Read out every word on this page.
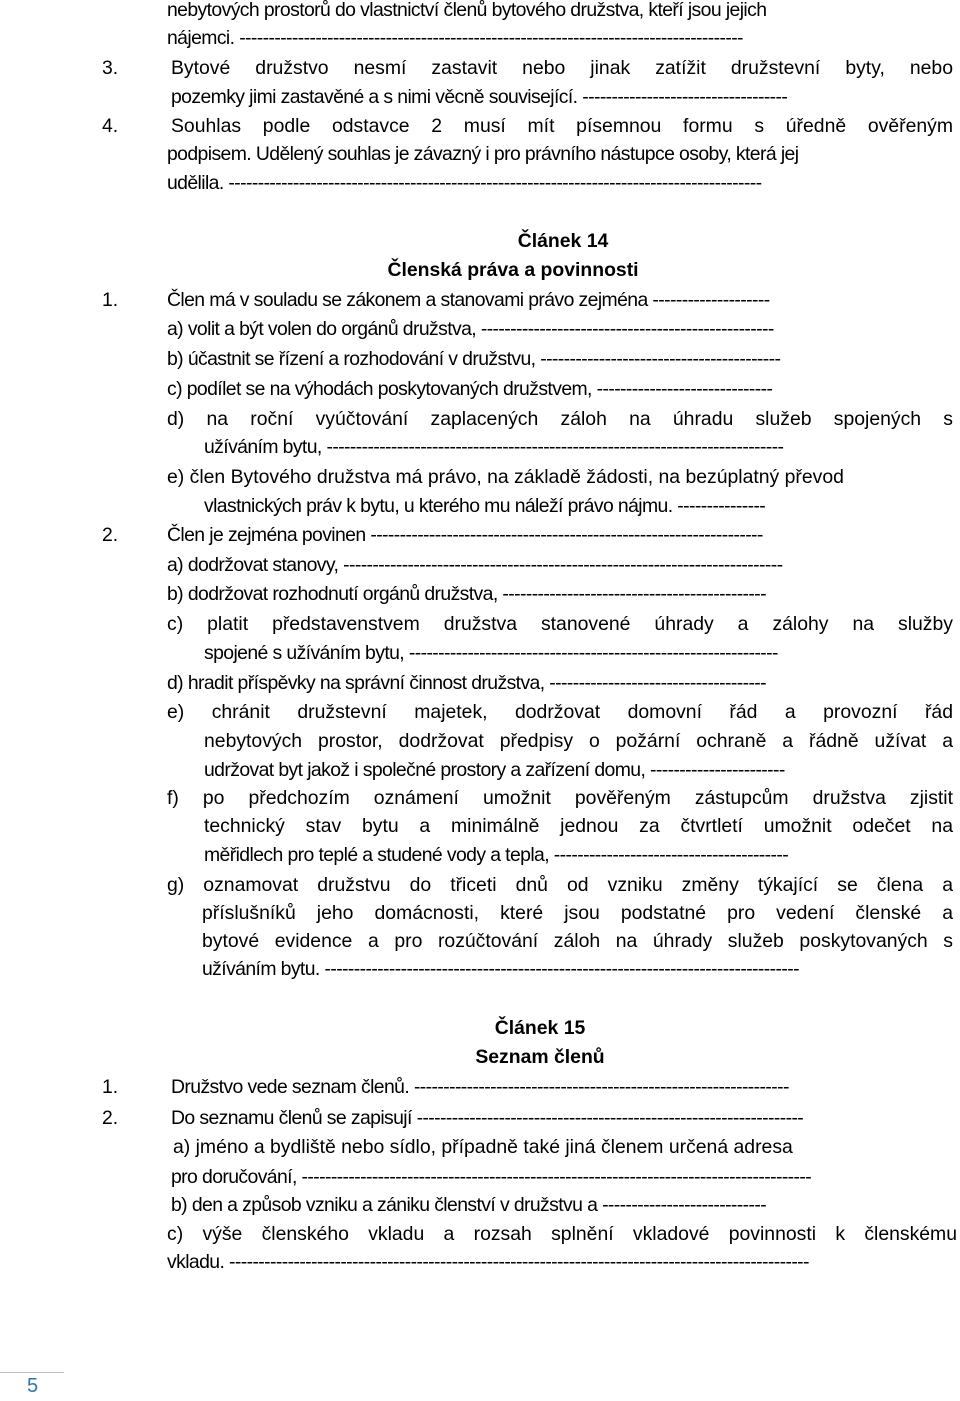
nebytových prostorů do vlastnictví členů bytového družstva, kteří jsou jejich
nájemci. --------------------------------------------------------------------------------------
3.	Bytové družstvo nesmí zastavit nebo jinak zatížit družstevní byty, nebo
pozemky jimi zastavěné a s nimi věcně související. -----------------------------------
4.	Souhlas podle odstavce 2 musí mít písemnou formu s úředně ověřeným
podpisem. Udělený souhlas je závazný i pro právního nástupce osoby, která jej
udělila. -------------------------------------------------------------------------------------------
Článek 14
Členská práva a povinnosti
1.	Člen má v souladu se zákonem a stanovami právo zejména --------------------
a) volit a být volen do orgánů družstva, --------------------------------------------------
b) účastnit se řízení a rozhodování v družstvu, -----------------------------------------
c) podílet se na výhodách poskytovaných družstvem, ------------------------------
d) na roční vyúčtování zaplacených záloh na úhradu služeb spojených s
užíváním bytu, ------------------------------------------------------------------------------
e) člen Bytového družstva má právo, na základě žádosti, na bezúplatný převod
vlastnických práv k bytu, u kterého mu náleží právo nájmu. ---------------
2.	Člen je zejména povinen -------------------------------------------------------------------
a) dodržovat stanovy, ---------------------------------------------------------------------------
b) dodržovat rozhodnutí orgánů družstva, ---------------------------------------------
c) platit představenstvem družstva stanovené úhrady a zálohy na služby
spojené s užíváním bytu, ---------------------------------------------------------------
d) hradit příspěvky na správní činnost družstva, -------------------------------------
e) chránit družstevní majetek, dodržovat domovní řád a provozní řád
nebytových prostor, dodržovat předpisy o požární ochraně a řádně užívat a
udržovat byt jakož i společné prostory a zařízení domu, -----------------------
f) po předchozím oznámení umožnit pověřeným zástupcům družstva zjistit
technický stav bytu a minimálně jednou za čtvrtletí umožnit odečet na
měřidlech pro teplé a studené vody a tepla, ----------------------------------------
g) oznamovat družstvu do třiceti dnů od vzniku změny týkající se člena a
příslušníků jeho domácnosti, které jsou podstatné pro vedení členské a
bytové evidence a pro rozúčtování záloh na úhrady služeb poskytovaných s
užíváním bytu. ---------------------------------------------------------------------------------
Článek 15
Seznam členů
1.	Družstvo vede seznam členů. ----------------------------------------------------------------
2.	Do seznamu členů se zapisují ------------------------------------------------------------------
a) jméno a bydliště nebo sídlo, případně také jiná členem určená adresa
pro doručování, ---------------------------------------------------------------------------------------
b) den a způsob vzniku a zániku členství v družstvu a ----------------------------
c) výše členského vkladu a rozsah splnění vkladové povinnosti k členskému
vkladu. ---------------------------------------------------------------------------------------------------
5
